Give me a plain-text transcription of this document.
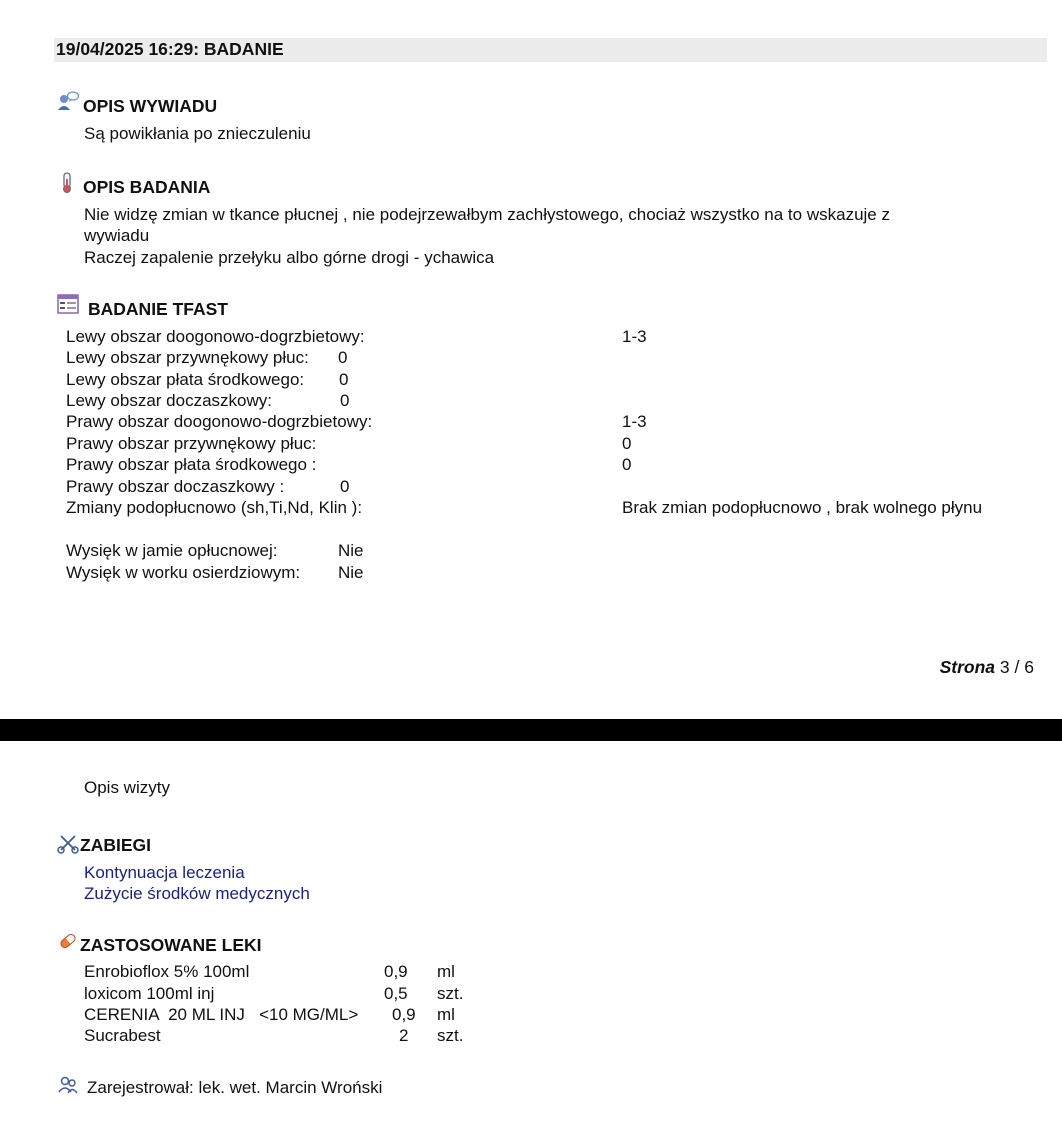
19/04/2025 16:29: BADANIE
OPIS WYWIADU
Są powikłania po znieczuleniu
OPIS BADANIA
Nie widzę zmian w tkance płucnej , nie podejrzewałbym zachłystowego, chociaż wszystko na to wskazuje z
wywiadu
Raczej zapalenie przełyku albo górne drogi - ychawica
BADANIE TFAST
Lewy obszar doogonowo-dogrzbietowy:	1-3
Lewy obszar przywnękowy płuc: 0
Lewy obszar płata środkowego: 0
Lewy obszar doczaszkowy:	0
Prawy obszar doogonowo-dogrzbietowy:	1-3
Prawy obszar przywnękowy płuc:	0
Prawy obszar płata środkowego :	0
Prawy obszar doczaszkowy :	0
Zmiany podopłucnowo (sh,Ti,Nd, Klin ):	Brak zmian podopłucnowo , brak wolnego płynu
Wysięk w jamie opłucnowej:	Nie
Wysięk w worku osierdziowym: Nie
Strona 3 / 6
Opis wizyty
ZABIEGI
Kontynuacja leczenia
Zużycie środków medycznych
ZASTOSOWANE LEKI
Enrobioflox 5% 100ml	0,9 ml
loxicom 100ml inj	0,5 szt.
CERENIA  20 ML INJ   <10 MG/ML> 0,9 ml
Sucrabest	2 szt.
Zarejestrował: lek. wet. Marcin Wroński
